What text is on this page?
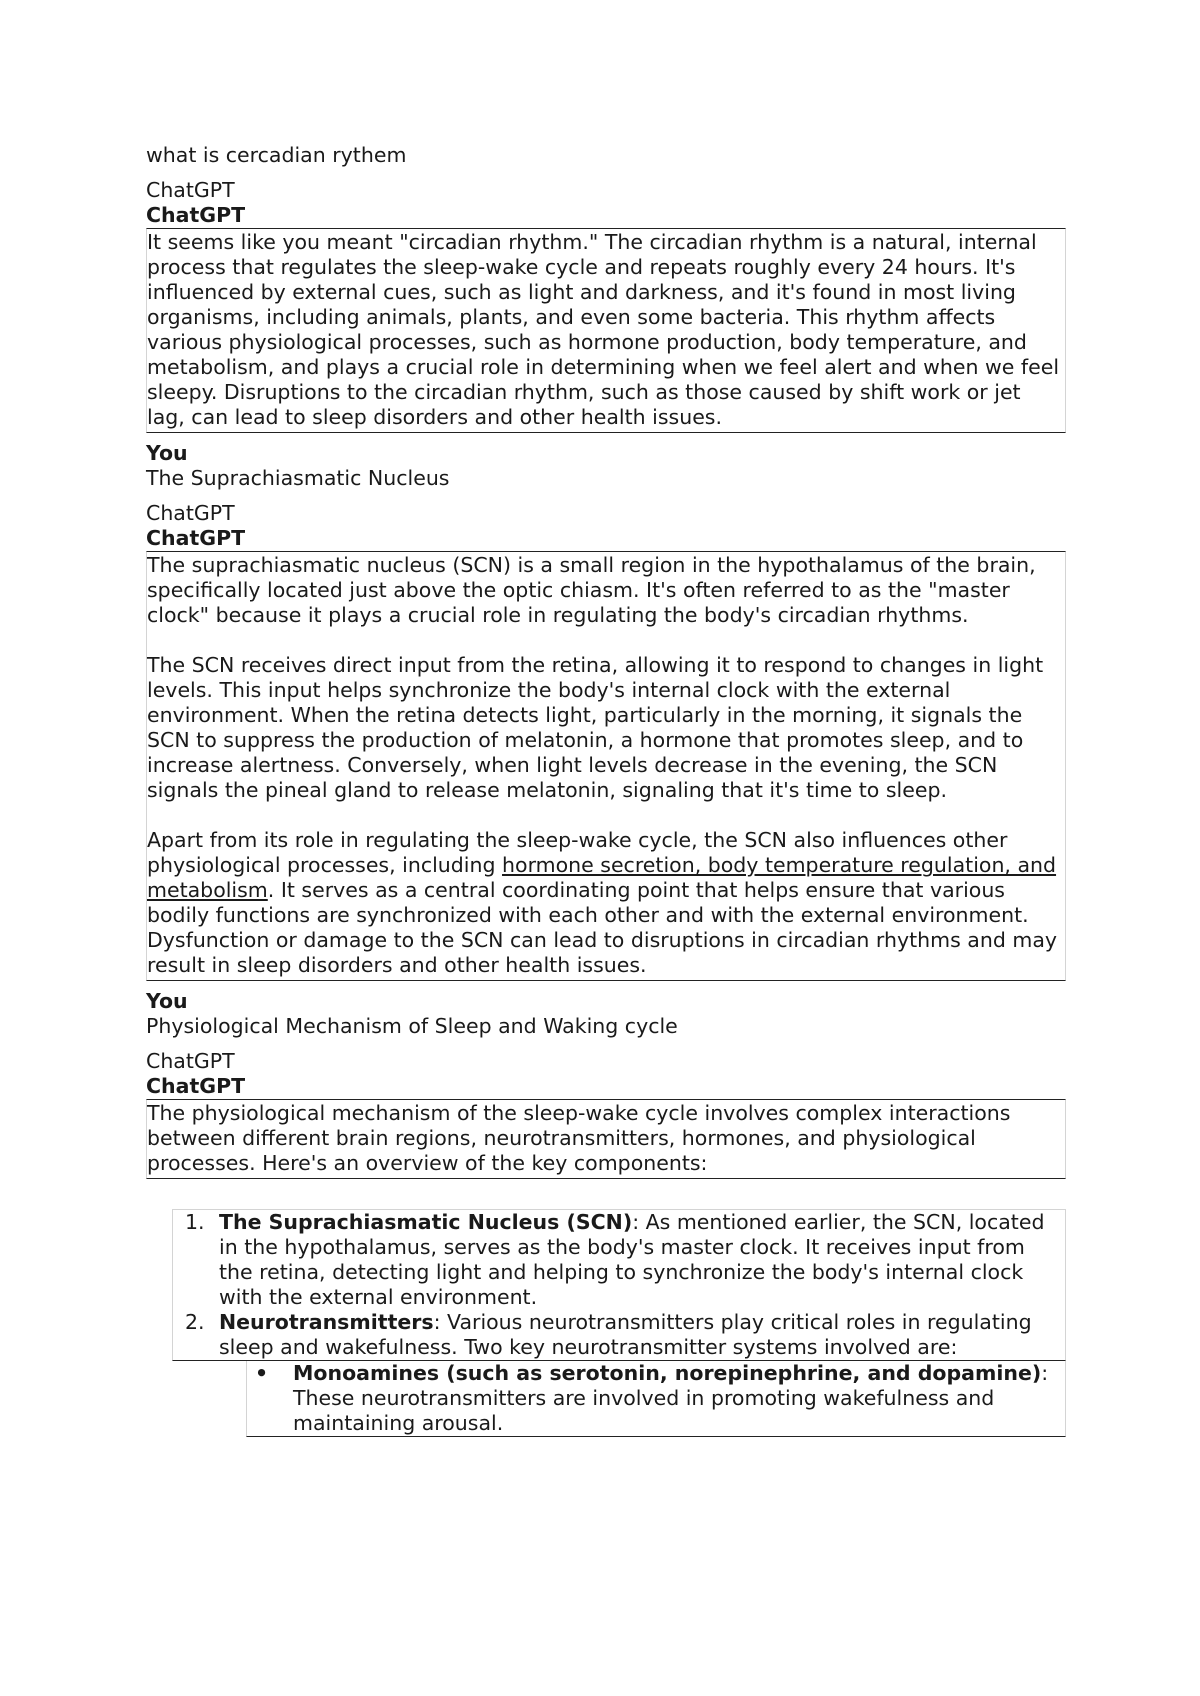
what is cercadian rythem

ChatGPT

ChatGPT

It seems like you meant "circadian rhythm." The circadian rhythm is a natural, internal process that regulates the sleep-wake cycle and repeats roughly every 24 hours. It's influenced by external cues, such as light and darkness, and it's found in most living organisms, including animals, plants, and even some bacteria. This rhythm affects various physiological processes, such as hormone production, body temperature, and metabolism, and plays a crucial role in determining when we feel alert and when we feel sleepy. Disruptions to the circadian rhythm, such as those caused by shift work or jet lag, can lead to sleep disorders and other health issues.

You

The Suprachiasmatic Nucleus

ChatGPT

ChatGPT

The suprachiasmatic nucleus (SCN) is a small region in the hypothalamus of the brain, specifically located just above the optic chiasm. It's often referred to as the "master clock" because it plays a crucial role in regulating the body's circadian rhythms.

The SCN receives direct input from the retina, allowing it to respond to changes in light levels. This input helps synchronize the body's internal clock with the external environment. When the retina detects light, particularly in the morning, it signals the SCN to suppress the production of melatonin, a hormone that promotes sleep, and to increase alertness. Conversely, when light levels decrease in the evening, the SCN signals the pineal gland to release melatonin, signaling that it's time to sleep.

Apart from its role in regulating the sleep-wake cycle, the SCN also influences other physiological processes, including hormone secretion, body temperature regulation, and metabolism. It serves as a central coordinating point that helps ensure that various bodily functions are synchronized with each other and with the external environment. Dysfunction or damage to the SCN can lead to disruptions in circadian rhythms and may result in sleep disorders and other health issues.

You

Physiological Mechanism of Sleep and Waking cycle

ChatGPT

ChatGPT

The physiological mechanism of the sleep-wake cycle involves complex interactions between different brain regions, neurotransmitters, hormones, and physiological processes. Here's an overview of the key components:

1. The Suprachiasmatic Nucleus (SCN): As mentioned earlier, the SCN, located in the hypothalamus, serves as the body's master clock. It receives input from the retina, detecting light and helping to synchronize the body's internal clock with the external environment.
2. Neurotransmitters: Various neurotransmitters play critical roles in regulating sleep and wakefulness. Two key neurotransmitter systems involved are:
•	Monoamines (such as serotonin, norepinephrine, and dopamine): These neurotransmitters are involved in promoting wakefulness and maintaining arousal.
